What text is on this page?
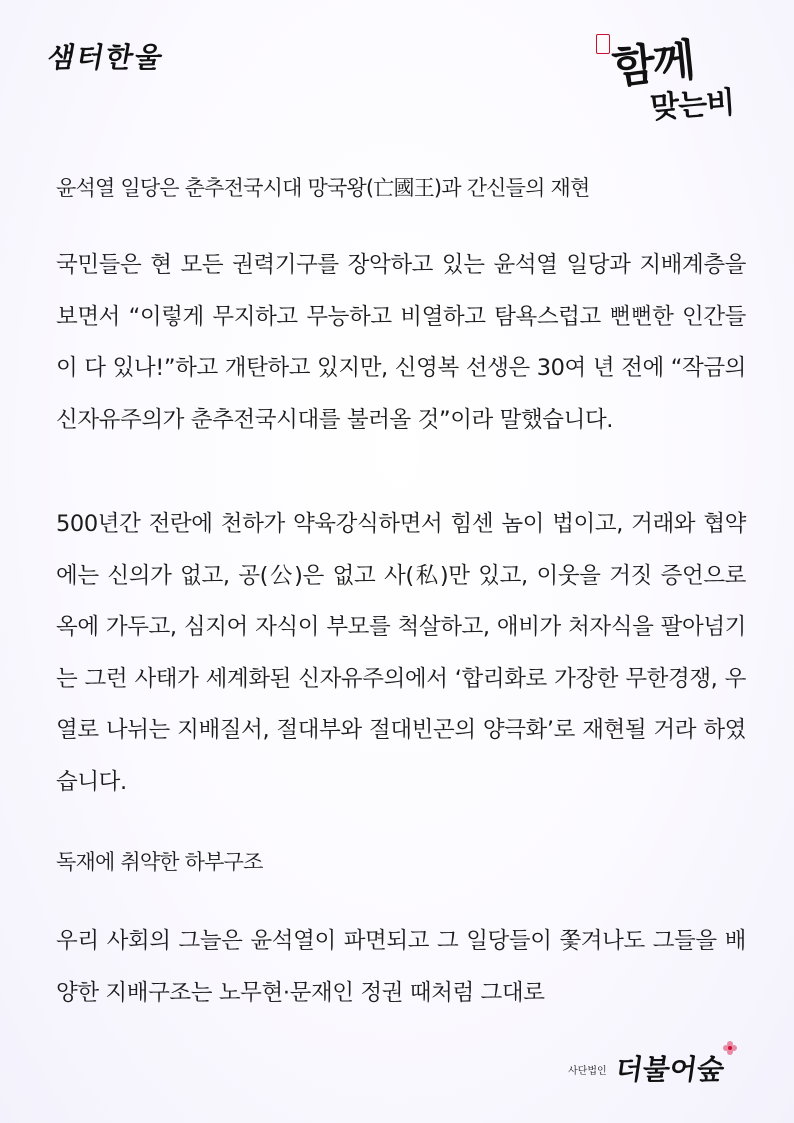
샘터한울	함께
맞는비
윤석열 일당은 춘추전국시대 망국왕(亡國王)과 간신들의 재현
국민들은 현 모든 권력기구를 장악하고 있는 윤석열 일당과 지배계층을 보면서 “이렇게 무지하고 무능하고 비열하고 탐욕스럽고 뻔뻔한 인간들이 다 있나!”하고 개탄하고 있지만, 신영복 선생은 30여 년 전에 “작금의 신자유주의가 춘추전국시대를 불러올 것”이라 말했습니다.
500년간 전란에 천하가 약육강식하면서 힘센 놈이 법이고, 거래와 협약에는 신의가 없고, 공(公)은 없고 사(私)만 있고, 이웃을 거짓 증언으로 옥에 가두고, 심지어 자식이 부모를 척살하고, 애비가 처자식을 팔아넘기는 그런 사태가 세계화된 신자유주의에서 ‘합리화로 가장한 무한경쟁, 우열로 나뉘는 지배질서, 절대부와 절대빈곤의 양극화’로 재현될 거라 하였습니다.
독재에 취약한 하부구조
우리 사회의 그늘은 윤석열이 파면되고 그 일당들이 쫓겨나도 그들을 배양한 지배구조는 노무현·문재인 정권 때처럼 그대로
사단법인 더불어숲
